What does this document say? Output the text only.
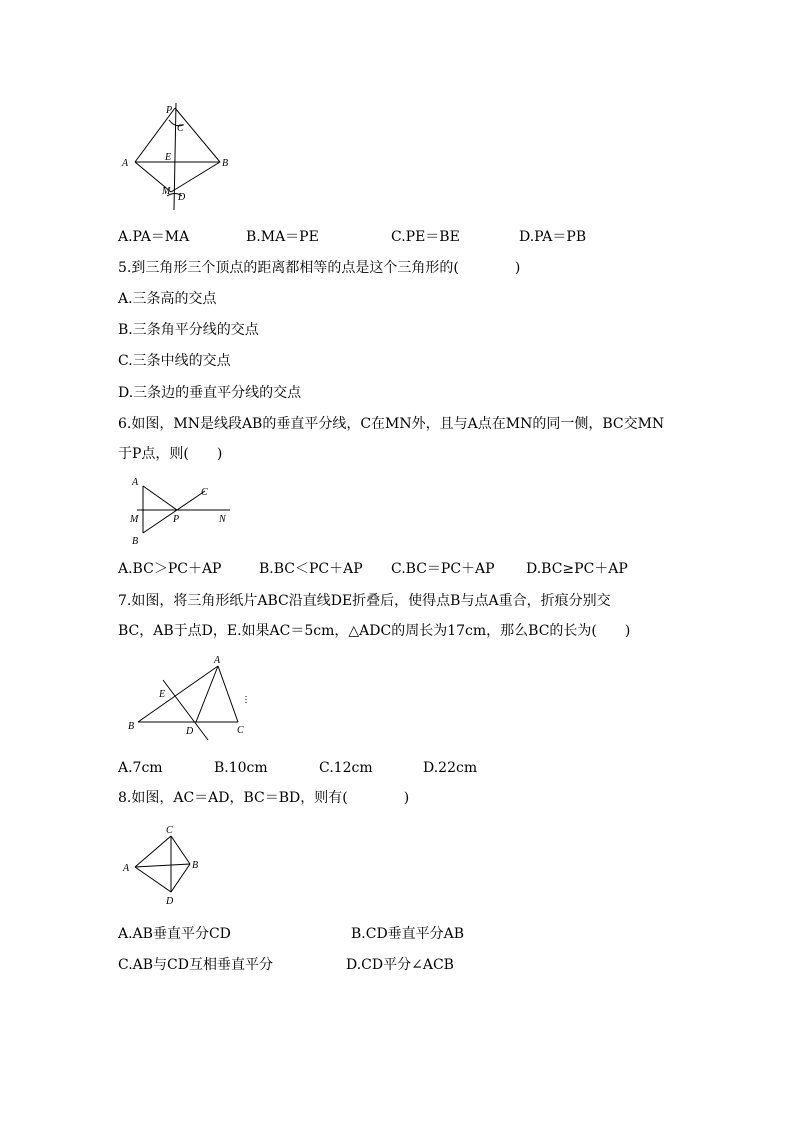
P
C
A
E
B
M
D
A.PA＝MA	B.MA＝PE	C.PE＝BE	D.PA＝PB
5.到三角形三个顶点的距离都相等的点是这个三角形的(　　　　)
A.三条高的交点
B.三条角平分线的交点
C.三条中线的交点
D.三条边的垂直平分线的交点
6.如图，MN是线段AB的垂直平分线，C在MN外，且与A点在MN的同一侧，BC交MN
于P点，则(　　)
A
C
M	P	N
B
A.BC＞PC＋AP	B.BC＜PC＋AP C.BC＝PC＋AP D.BC≥PC＋AP
7.如图，将三角形纸片ABC沿直线DE折叠后，使得点B与点A重合，折痕分别交
BC，AB于点D，E.如果AC＝5cm，△ADC的周长为17cm，那么BC的长为(　　)
A
E
B	D	C
A.7cm	B.10cm	C.12cm	D.22cm
8.如图，AC＝AD，BC＝BD，则有(　　　　)
C
A	B
D
A.AB垂直平分CD	B.CD垂直平分AB
C.AB与CD互相垂直平分	D.CD平分∠ACB
